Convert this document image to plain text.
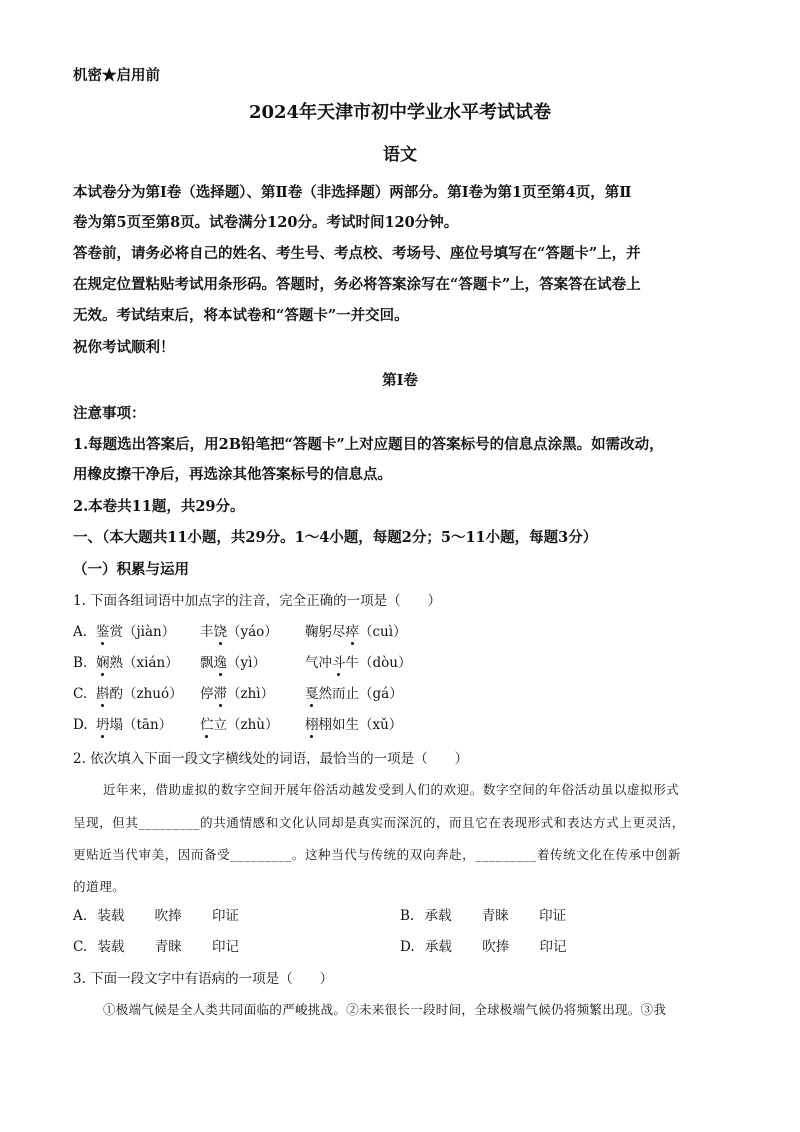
机密★启用前
2024年天津市初中学业水平考试试卷
语文
本试卷分为第Ⅰ卷（选择题）、第Ⅱ卷（非选择题）两部分。第Ⅰ卷为第1页至第4页，第Ⅱ
卷为第5页至第8页。试卷满分120分。考试时间120分钟。
答卷前，请务必将自己的姓名、考生号、考点校、考场号、座位号填写在“答题卡”上，并
在规定位置粘贴考试用条形码。答题时，务必将答案涂写在“答题卡”上，答案答在试卷上
无效。考试结束后，将本试卷和“答题卡”一并交回。
祝你考试顺利！
第Ⅰ卷
注意事项：
1.每题选出答案后，用2B铅笔把“答题卡”上对应题目的答案标号的信息点涂黑。如需改动，
用橡皮擦干净后，再选涂其他答案标号的信息点。
2.本卷共11题，共29分。
一、（本大题共11小题，共29分。1～4小题，每题2分；5～11小题，每题3分）
（一）积累与运用
1. 下面各组词语中加点字的注音，完全正确的一项是（　　）
A. 鉴赏（jiàn） 丰饶（yáo） 鞠躬尽瘁（cuì）
B. 娴熟（xián） 飘逸（yì）	气冲斗牛（dòu）
C. 斟酌（zhuó） 停滞（zhì） 戛然而止（gá）
D. 坍塌（tān） 伫立（zhù） 栩栩如生（xǔ）
2. 依次填入下面一段文字横线处的词语，最恰当的一项是（　　）
近年来，借助虚拟的数字空间开展年俗活动越发受到人们的欢迎。数字空间的年俗活动虽以虚拟形式
呈现，但其_________的共通情感和文化认同却是真实而深沉的，而且它在表现形式和表达方式上更灵活，
更贴近当代审美，因而备受_________。这种当代与传统的双向奔赴，_________着传统文化在传承中创新
的道理。
A. 装载 吹捧 印证	B. 承载 青睐 印证
C. 装载 青睐 印记	D. 承载 吹捧 印记
3. 下面一段文字中有语病的一项是（　　）
①极端气候是全人类共同面临的严峻挑战。②未来很长一段时间，全球极端气候仍将频繁出现。③我
